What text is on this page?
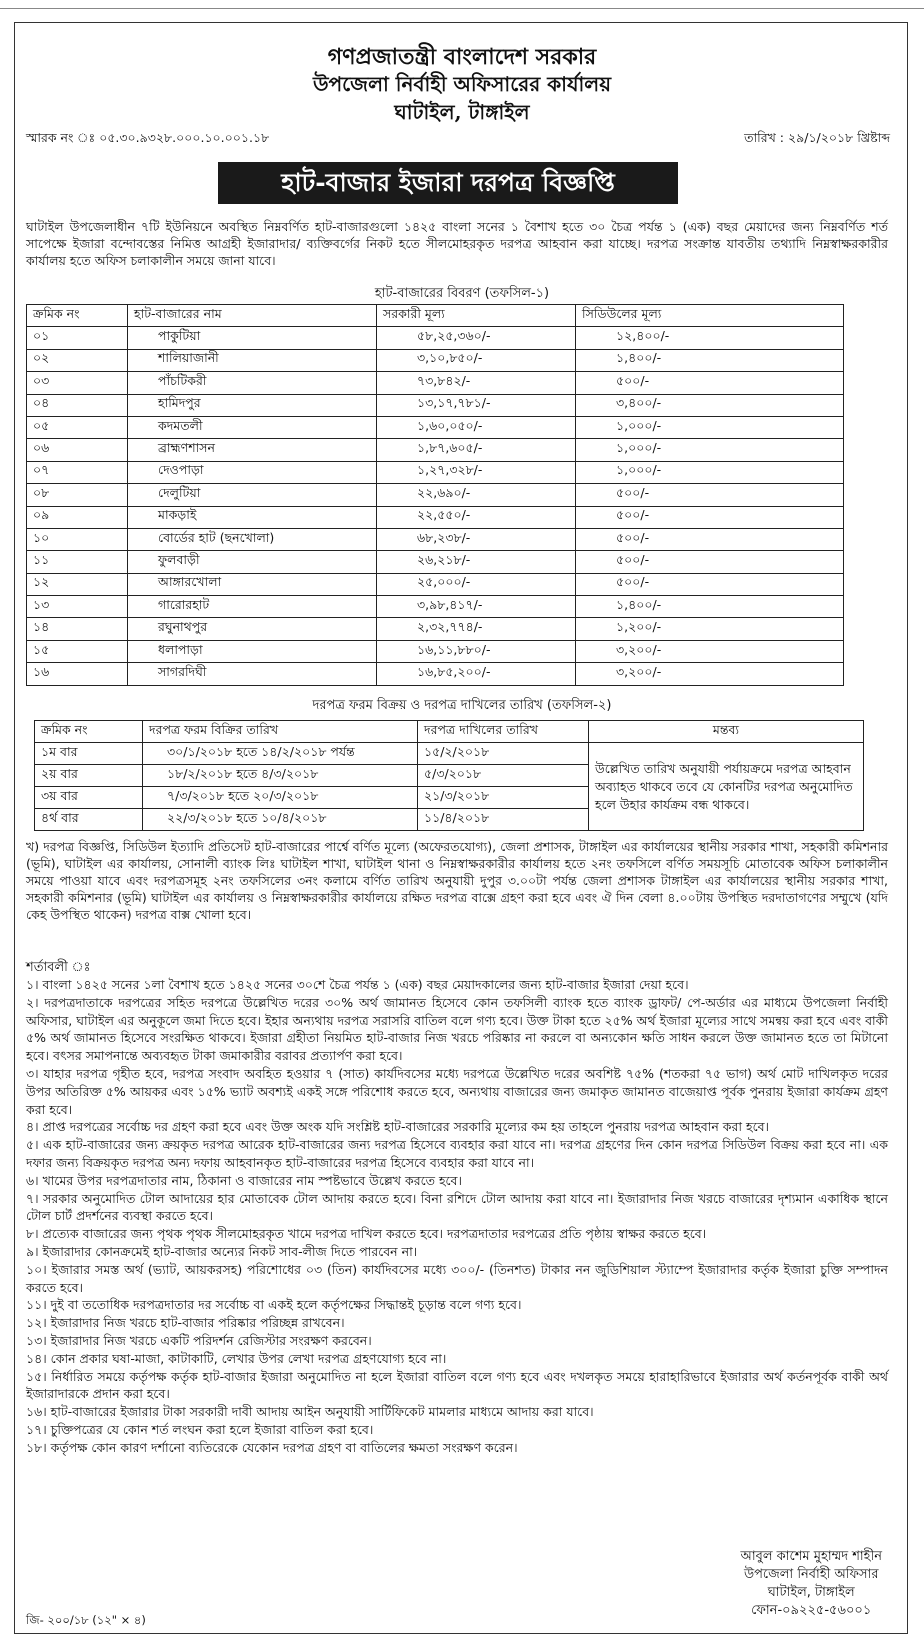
গণপ্রজাতন্ত্রী বাংলাদেশ সরকার
উপজেলা নির্বাহী অফিসারের কার্যালয়
ঘাটাইল, টাঙ্গাইল
স্মারক নং ঃ ০৫.৩০.৯৩২৮.০০০.১০.০০১.১৮	তারিখ : ২৯/১/২০১৮ খ্রিষ্টাব্দ
হাট-বাজার ইজারা দরপত্র বিজ্ঞপ্তি
ঘাটাইল উপজেলাধীন ৭টি ইউনিয়নে অবস্থিত নিম্নবর্ণিত হাট-বাজারগুলো ১৪২৫ বাংলা সনের ১ বৈশাখ হতে ৩০ চৈত্র পর্যন্ত ১ (এক) বছর মেয়াদের জন্য নিম্নবর্ণিত শর্ত সাপেক্ষে ইজারা বন্দোবস্তের নিমিত্ত আগ্রহী ইজারাদার/ ব্যক্তিবর্গের নিকট হতে সীলমোহরকৃত দরপত্র আহবান করা যাচ্ছে। দরপত্র সংক্রান্ত যাবতীয় তথ্যাদি নিম্নস্বাক্ষরকারীর কার্যালয় হতে অফিস চলাকালীন সময়ে জানা যাবে।
হাট-বাজারের বিবরণ (তফসিল-১)
ক্রমিক নং	হাট-বাজারের নাম	সরকারী মূল্য	সিডিউলের মূল্য
০১	পাকুটিয়া	৫৮,২৫,৩৬০/-	১২,৪০০/-
০২	শালিয়াজানী	৩,১০,৮৫০/-	১,৪০০/-
০৩	পাঁচটিকরী	৭৩,৮৪২/-	৫০০/-
০৪	হামিদপুর	১৩,১৭,৭৮১/-	৩,৪০০/-
০৫	কদমতলী	১,৬০,০৫০/-	১,০০০/-
০৬	ব্রাহ্মণশাসন	১,৮৭,৬০৫/-	১,০০০/-
০৭	দেওপাড়া	১,২৭,৩২৮/-	১,০০০/-
০৮	দেলুটিয়া	২২,৬৯০/-	৫০০/-
০৯	মাকড়াই	২২,৫৫০/-	৫০০/-
১০	বোর্ডের হাট (ছনখোলা)	৬৮,২৩৮/-	৫০০/-
১১	ফুলবাড়ী	২৬,২১৮/-	৫০০/-
১২	আঙ্গারখোলা	২৫,০০০/-	৫০০/-
১৩	গারোরহাট	৩,৯৮,৪১৭/-	১,৪০০/-
১৪	রঘুনাথপুর	২,৩২,৭৭৪/-	১,২০০/-
১৫	ধলাপাড়া	১৬,১১,৮৮০/-	৩,২০০/-
১৬	সাগরদিঘী	১৬,৮৫,২০০/-	৩,২০০/-
দরপত্র ফরম বিক্রয় ও দরপত্র দাখিলের তারিখ (তফসিল-২)
ক্রমিক নং	দরপত্র ফরম বিক্রির তারিখ	দরপত্র দাখিলের তারিখ	মন্তব্য
১ম বার	৩০/১/২০১৮ হতে ১৪/২/২০১৮ পর্যন্ত	১৫/২/২০১৮	উল্লেখিত তারিখ অনুযায়ী পর্যায়ক্রমে দরপত্র আহবান অব্যাহত থাকবে তবে যে কোনটির দরপত্র অনুমোদিত হলে উহার কার্যক্রম বন্ধ থাকবে।
২য় বার	১৮/২/২০১৮ হতে ৪/৩/২০১৮	৫/৩/২০১৮	
৩য় বার	৭/৩/২০১৮ হতে ২০/৩/২০১৮	২১/৩/২০১৮	
৪র্থ বার	২২/৩/২০১৮ হতে ১০/৪/২০১৮	১১/৪/২০১৮	
খ) দরপত্র বিজ্ঞপ্তি, সিডিউল ইত্যাদি প্রতিসেট হাট-বাজারের পার্শ্বে বর্ণিত মূল্যে (অফেরতযোগ্য), জেলা প্রশাসক, টাঙ্গাইল এর কার্যালয়ের স্থানীয় সরকার শাখা, সহকারী কমিশনার (ভূমি), ঘাটাইল এর কার্যালয়, সোনালী ব্যাংক লিঃ ঘাটাইল শাখা, ঘাটাইল থানা ও নিম্নস্বাক্ষরকারীর কার্যালয় হতে ২নং তফসিলে বর্ণিত সময়সূচি মোতাবেক অফিস চলাকালীন সময়ে পাওয়া যাবে এবং দরপত্রসমূহ ২নং তফসিলের ৩নং কলামে বর্ণিত তারিখ অনুযায়ী দুপুর ৩.০০টা পর্যন্ত জেলা প্রশাসক টাঙ্গাইল এর কার্যালয়ের স্থানীয় সরকার শাখা, সহকারী কমিশনার (ভূমি) ঘাটাইল এর কার্যালয় ও নিম্নস্বাক্ষরকারীর কার্যালয়ে রক্ষিত দরপত্র বাক্সে গ্রহণ করা হবে এবং ঐ দিন বেলা ৪.০০টায় উপস্থিত দরদাতাগণের সম্মুখে (যদি কেহ উপস্থিত থাকেন) দরপত্র বাক্স খোলা হবে।
শর্তাবলী ঃ
১। বাংলা ১৪২৫ সনের ১লা বৈশাখ হতে ১৪২৫ সনের ৩০শে চৈত্র পর্যন্ত ১ (এক) বছর মেয়াদকালের জন্য হাট-বাজার ইজারা দেয়া হবে।
২। দরপত্রদাতাকে দরপত্রের সহিত দরপত্রে উল্লেখিত দরের ৩০% অর্থ জামানত হিসেবে কোন তফসিলী ব্যাংক হতে ব্যাংক ড্রাফট/ পে-অর্ডার এর মাধ্যমে উপজেলা নির্বাহী অফিসার, ঘাটাইল এর অনুকূলে জমা দিতে হবে। ইহার অন্যথায় দরপত্র সরাসরি বাতিল বলে গণ্য হবে। উক্ত টাকা হতে ২৫% অর্থ ইজারা মূল্যের সাথে সমন্বয় করা হবে এবং বাকী ৫% অর্থ জামানত হিসেবে সংরক্ষিত থাকবে। ইজারা গ্রহীতা নিয়মিত হাট-বাজার নিজ খরচে পরিষ্কার না করলে বা অন্যকোন ক্ষতি সাধন করলে উক্ত জামানত হতে তা মিটানো হবে। বৎসর সমাপনান্তে অব্যবহৃত টাকা জমাকারীর বরাবর প্রত্যার্পণ করা হবে।
৩। যাহার দরপত্র গৃহীত হবে, দরপত্র সংবাদ অবহিত হওয়ার ৭ (সাত) কার্যদিবসের মধ্যে দরপত্রে উল্লেখিত দরের অবশিষ্ট ৭৫% (শতকরা ৭৫ ভাগ) অর্থ মোট দাখিলকৃত দরের উপর অতিরিক্ত ৫% আয়কর এবং ১৫% ভ্যাট অবশ্যই একই সঙ্গে পরিশোধ করতে হবে, অন্যথায় বাজারের জন্য জমাকৃত জামানত বাজেয়াপ্ত পূর্বক পুনরায় ইজারা কার্যক্রম গ্রহণ করা হবে।
৪। প্রাপ্ত দরপত্রের সর্বোচ্চ দর গ্রহণ করা হবে এবং উক্ত অংক যদি সংশ্লিষ্ট হাট-বাজারের সরকারি মূল্যের কম হয় তাহলে পুনরায় দরপত্র আহবান করা হবে।
৫। এক হাট-বাজারের জন্য ক্রয়কৃত দরপত্র আরেক হাট-বাজারের জন্য দরপত্র হিসেবে ব্যবহার করা যাবে না। দরপত্র গ্রহণের দিন কোন দরপত্র সিডিউল বিক্রয় করা হবে না। এক দফার জন্য বিক্রয়কৃত দরপত্র অন্য দফায় আহবানকৃত হাট-বাজারের দরপত্র হিসেবে ব্যবহার করা যাবে না।
৬। খামের উপর দরপত্রদাতার নাম, ঠিকানা ও বাজারের নাম স্পষ্টভাবে উল্লেখ করতে হবে।
৭। সরকার অনুমোদিত টোল আদায়ের হার মোতাবেক টোল আদায় করতে হবে। বিনা রশিদে টোল আদায় করা যাবে না। ইজারাদার নিজ খরচে বাজারের দৃশ্যমান একাধিক স্থানে টোল চার্ট প্রদর্শনের ব্যবস্থা করতে হবে।
৮। প্রত্যেক বাজারের জন্য পৃথক পৃথক সীলমোহরকৃত খামে দরপত্র দাখিল করতে হবে। দরপত্রদাতার দরপত্রের প্রতি পৃষ্ঠায় স্বাক্ষর করতে হবে।
৯। ইজারাদার কোনক্রমেই হাট-বাজার অন্যের নিকট সাব-লীজ দিতে পারবেন না।
১০। ইজারার সমস্ত অর্থ (ভ্যাট, আয়করসহ) পরিশোধের ০৩ (তিন) কার্যদিবসের মধ্যে ৩০০/- (তিনশত) টাকার নন জুডিশিয়াল স্ট্যাম্পে ইজারাদার কর্তৃক ইজারা চুক্তি সম্পাদন করতে হবে।
১১। দুই বা ততোধিক দরপত্রদাতার দর সর্বোচ্চ বা একই হলে কর্তৃপক্ষের সিদ্ধান্তই চূড়ান্ত বলে গণ্য হবে।
১২। ইজারাদার নিজ খরচে হাট-বাজার পরিষ্কার পরিচ্ছন্ন রাখবেন।
১৩। ইজারাদার নিজ খরচে একটি পরিদর্শন রেজিস্টার সংরক্ষণ করবেন।
১৪। কোন প্রকার ঘষা-মাজা, কাটাকাটি, লেখার উপর লেখা দরপত্র গ্রহণযোগ্য হবে না।
১৫। নির্ধারিত সময়ে কর্তৃপক্ষ কর্তৃক হাট-বাজার ইজারা অনুমোদিত না হলে ইজারা বাতিল বলে গণ্য হবে এবং দখলকৃত সময়ে হারাহারিভাবে ইজারার অর্থ কর্তনপূর্বক বাকী অর্থ ইজারাদারকে প্রদান করা হবে।
১৬। হাট-বাজারের ইজারার টাকা সরকারী দাবী আদায় আইন অনুযায়ী সার্টিফিকেট মামলার মাধ্যমে আদায় করা যাবে।
১৭। চুক্তিপত্রের যে কোন শর্ত লংঘন করা হলে ইজারা বাতিল করা হবে।
১৮। কর্তৃপক্ষ কোন কারণ দর্শানো ব্যতিরেকে যেকোন দরপত্র গ্রহণ বা বাতিলের ক্ষমতা সংরক্ষণ করেন।
আবুল কাশেম মুহাম্মদ শাহীন
উপজেলা নির্বাহী অফিসার
ঘাটাইল, টাঙ্গাইল
ফোন-০৯২২৫-৫৬০০১
জি- ২০০/১৮ (১২" × ৪)
